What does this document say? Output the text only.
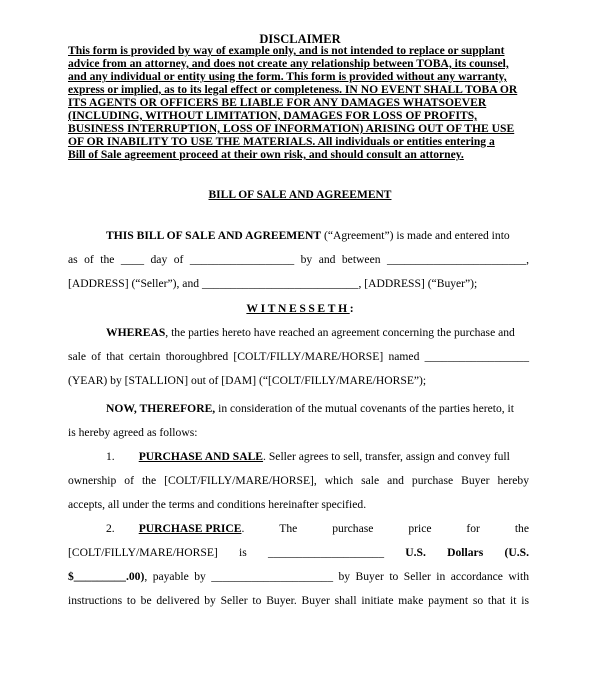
DISCLAIMER
This form is provided by way of example only, and is not intended to replace or supplant
advice from an attorney, and does not create any relationship between TOBA, its counsel,
and any individual or entity using the form. This form is provided without any warranty,
express or implied, as to its legal effect or completeness. IN NO EVENT SHALL TOBA OR
ITS AGENTS OR OFFICERS BE LIABLE FOR ANY DAMAGES WHATSOEVER
(INCLUDING, WITHOUT LIMITATION, DAMAGES FOR LOSS OF PROFITS,
BUSINESS INTERRUPTION, LOSS OF INFORMATION) ARISING OUT OF THE USE
OF OR INABILITY TO USE THE MATERIALS. All individuals or entities entering a
Bill of Sale agreement proceed at their own risk, and should consult an attorney.
BILL OF SALE AND AGREEMENT
THIS BILL OF SALE AND AGREEMENT (“Agreement”) is made and entered into
as of the ____ day of __________________ by and between ________________________,
[ADDRESS] (“Seller”), and ___________________________, [ADDRESS] (“Buyer”);
WITNESSETH:
WHEREAS, the parties hereto have reached an agreement concerning the purchase and
sale of that certain thoroughbred [COLT/FILLY/MARE/HORSE] named __________________
(YEAR) by [STALLION] out of [DAM] (“[COLT/FILLY/MARE/HORSE”);
NOW, THEREFORE, in consideration of the mutual covenants of the parties hereto, it
is hereby agreed as follows:
1. PURCHASE AND SALE. Seller agrees to sell, transfer, assign and convey full
ownership of the [COLT/FILLY/MARE/HORSE], which sale and purchase Buyer hereby
accepts, all under the terms and conditions hereinafter specified.
2. PURCHASE PRICE.	The	purchase	price	for	the
[COLT/FILLY/MARE/HORSE] is ____________________ U.S. Dollars (U.S.
$_________.00) , payable by _____________________ by Buyer to Seller in accordance with
instructions to be delivered by Seller to Buyer. Buyer shall initiate make payment so that it is
